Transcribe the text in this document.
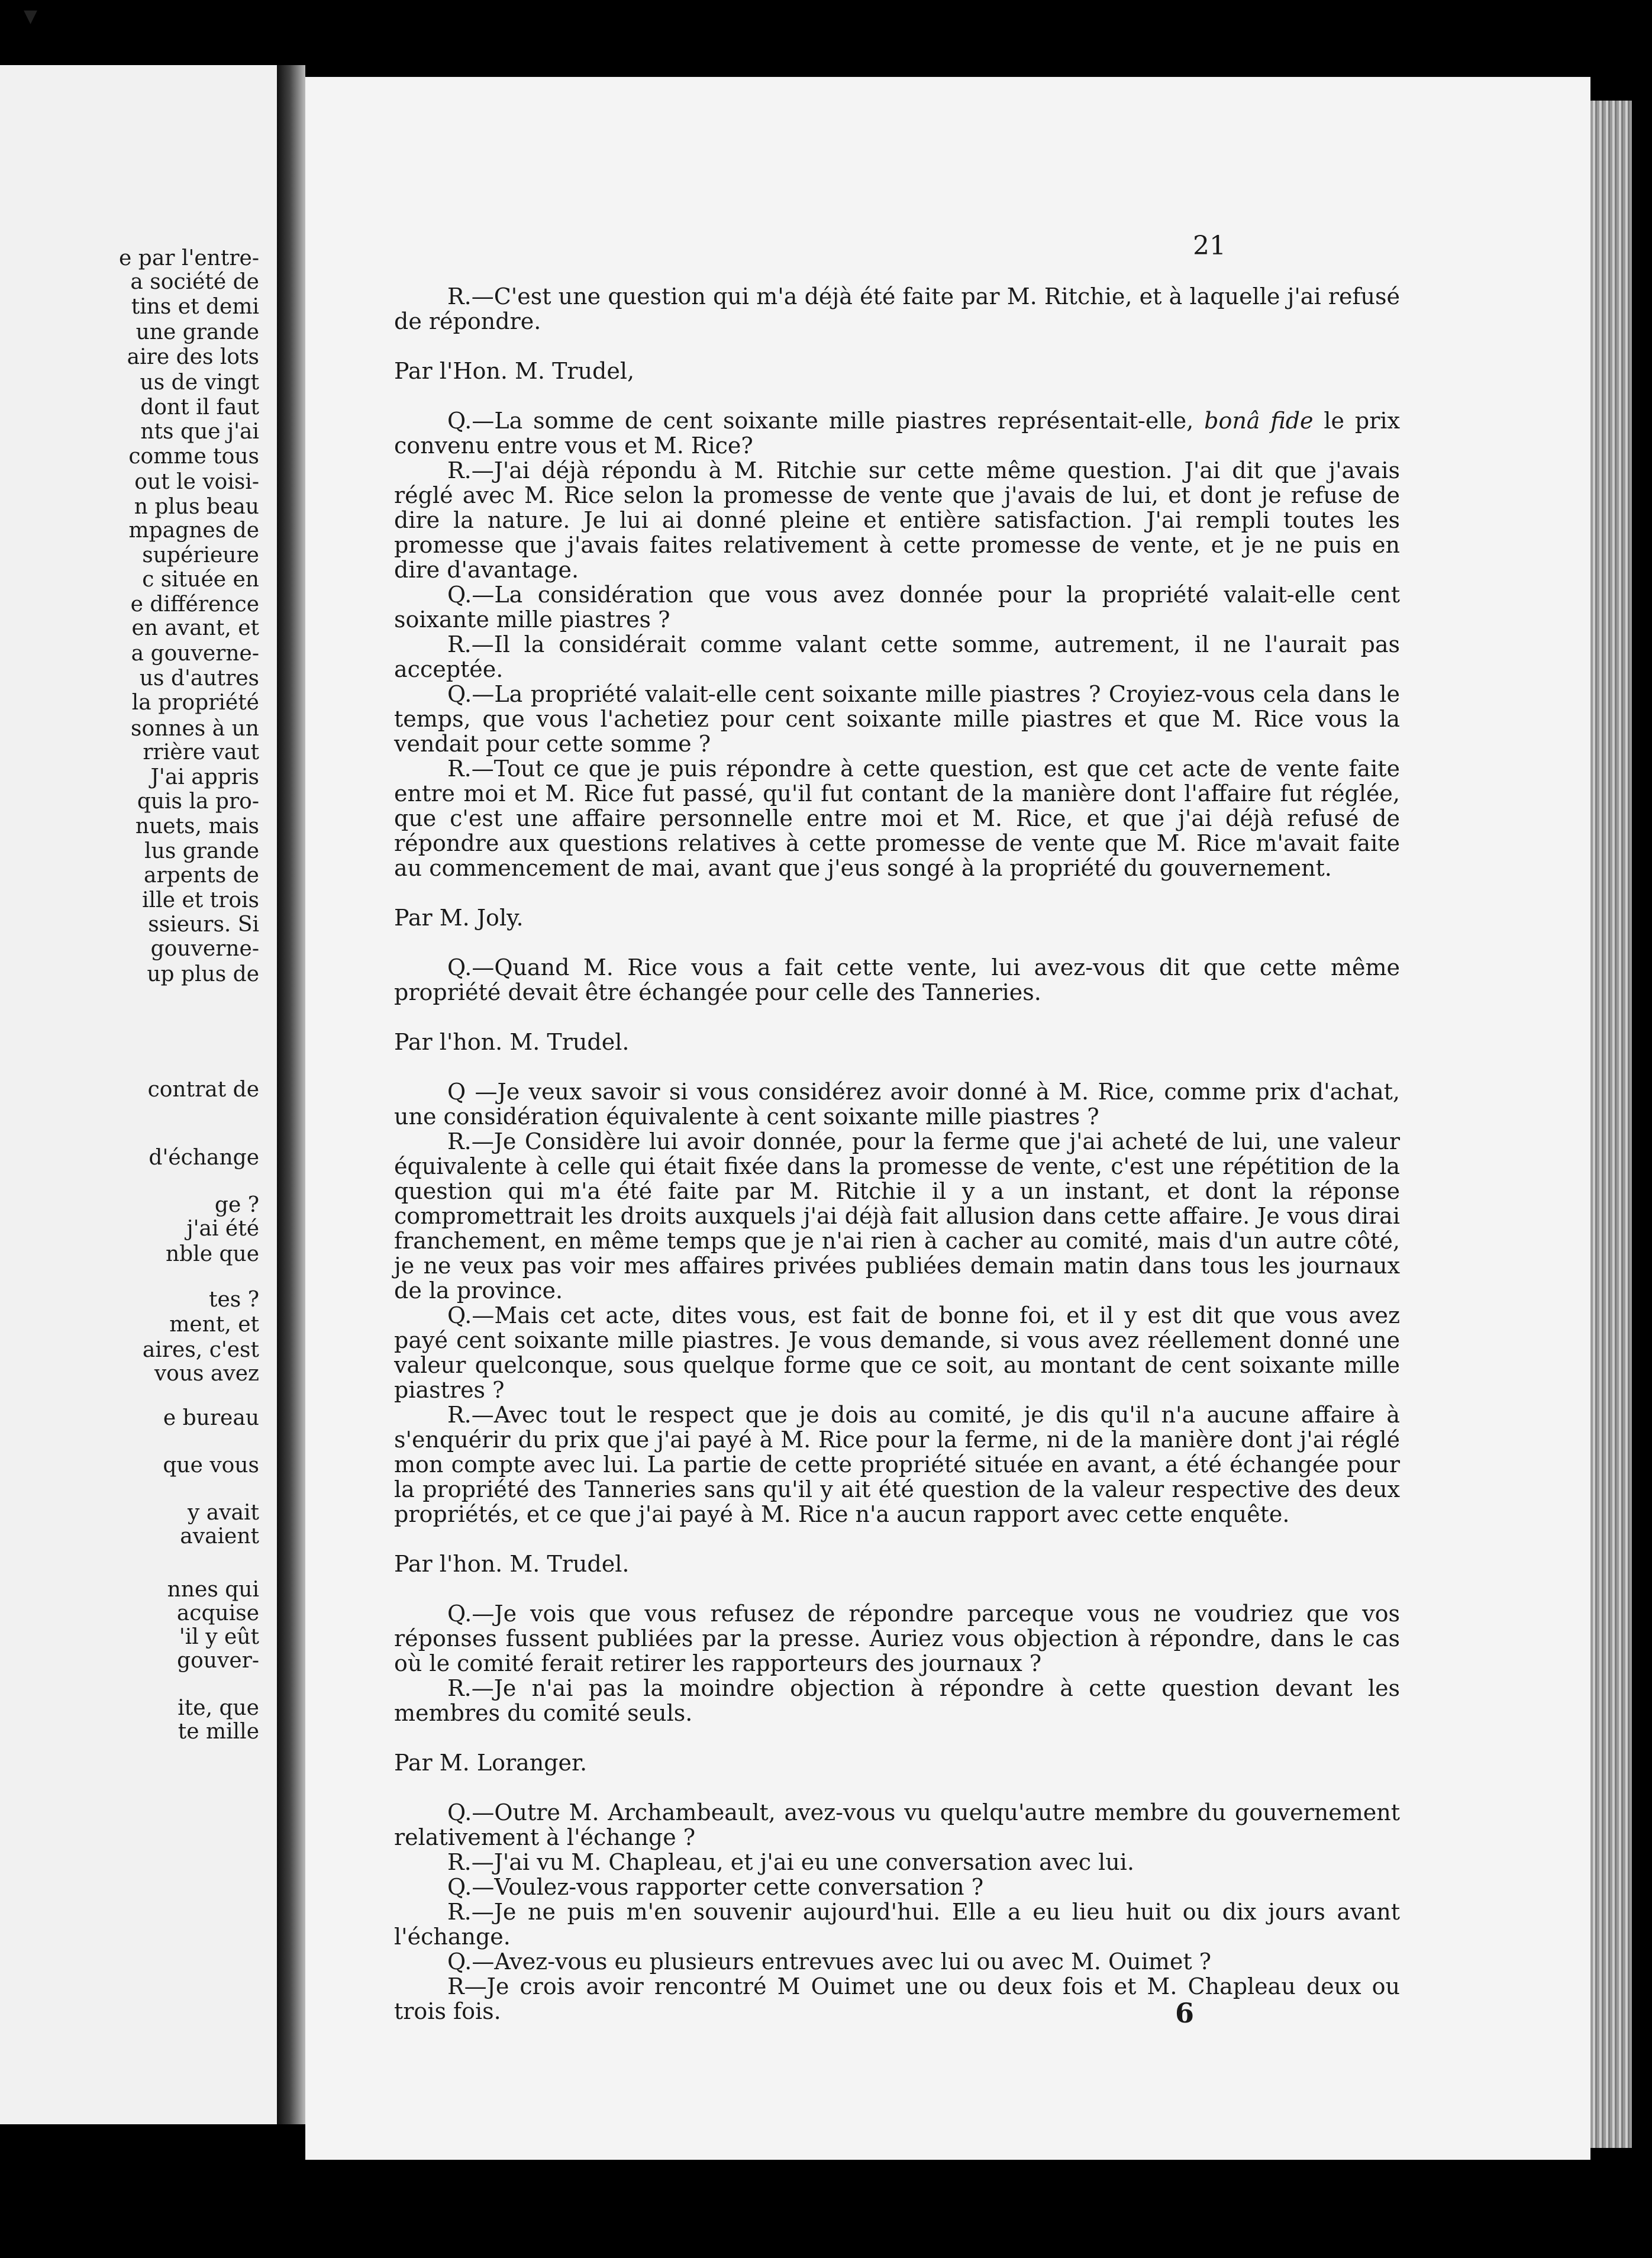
e par l'entre-
a société de
tins et demi
une grande
aire des lots
us de vingt
dont il faut
nts que j'ai
comme tous
out le voisi-
n plus beau
mpagnes de
supérieure
c située en
e différence
en avant, et
a gouverne-
us d'autres
la propriété
sonnes à un
rrière vaut
J'ai appris
quis la pro-
nuets, mais
lus grande
arpents de
ille et trois
ssieurs. Si
gouverne-
up plus de
contrat de
d'échange
ge ?
j'ai été
nble que
tes ?
ment, et
aires, c'est
vous avez
e bureau
que vous
y avait
avaient
nnes qui
acquise
'il y eût
gouver-
ite, que
te mille
21

R.—C'est une question qui m'a déjà été faite par M. Ritchie, et à laquelle j'ai refusé de répondre.

Par l'Hon. M. Trudel,

Q.—La somme de cent soixante mille piastres représentait-elle, bonâ fide le prix convenu entre vous et M. Rice?

R.—J'ai déjà répondu à M. Ritchie sur cette même question. J'ai dit que j'avais réglé avec M. Rice selon la promesse de vente que j'avais de lui, et dont je refuse de dire la nature. Je lui ai donné pleine et entière satisfaction. J'ai rempli toutes les promesse que j'avais faites relativement à cette promesse de vente, et je ne puis en dire d'avantage.

Q.—La considération que vous avez donnée pour la propriété valait-elle cent soixante mille piastres ?

R.—Il la considérait comme valant cette somme, autrement, il ne l'aurait pas acceptée.

Q.—La propriété valait-elle cent soixante mille piastres ? Croyiez-vous cela dans le temps, que vous l'achetiez pour cent soixante mille piastres et que M. Rice vous la vendait pour cette somme ?

R.—Tout ce que je puis répondre à cette question, est que cet acte de vente faite entre moi et M. Rice fut passé, qu'il fut contant de la manière dont l'affaire fut réglée, que c'est une affaire personnelle entre moi et M. Rice, et que j'ai déjà refusé de répondre aux questions relatives à cette promesse de vente que M. Rice m'avait faite au commencement de mai, avant que j'eus songé à la propriété du gouvernement.

Par M. Joly.

Q.—Quand M. Rice vous a fait cette vente, lui avez-vous dit que cette même propriété devait être échangée pour celle des Tanneries.

Par l'hon. M. Trudel.

Q —Je veux savoir si vous considérez avoir donné à M. Rice, comme prix d'achat, une considération équivalente à cent soixante mille piastres ?

R.—Je Considère lui avoir donnée, pour la ferme que j'ai acheté de lui, une valeur équivalente à celle qui était fixée dans la promesse de vente, c'est une répétition de la question qui m'a été faite par M. Ritchie il y a un instant, et dont la réponse compromettrait les droits auxquels j'ai déjà fait allusion dans cette affaire. Je vous dirai franchement, en même temps que je n'ai rien à cacher au comité, mais d'un autre côté, je ne veux pas voir mes affaires privées publiées demain matin dans tous les journaux de la province.

Q.—Mais cet acte, dites vous, est fait de bonne foi, et il y est dit que vous avez payé cent soixante mille piastres. Je vous demande, si vous avez réellement donné une valeur quelconque, sous quelque forme que ce soit, au montant de cent soixante mille piastres ?

R.—Avec tout le respect que je dois au comité, je dis qu'il n'a aucune affaire à s'enquérir du prix que j'ai payé à M. Rice pour la ferme, ni de la manière dont j'ai réglé mon compte avec lui. La partie de cette propriété située en avant, a été échangée pour la propriété des Tanneries sans qu'il y ait été question de la valeur respective des deux propriétés, et ce que j'ai payé à M. Rice n'a aucun rapport avec cette enquête.

Par l'hon. M. Trudel.

Q.—Je vois que vous refusez de répondre parceque vous ne voudriez que vos réponses fussent publiées par la presse. Auriez vous objection à répondre, dans le cas où le comité ferait retirer les rapporteurs des journaux ?

R.—Je n'ai pas la moindre objection à répondre à cette question devant les membres du comité seuls.

Par M. Loranger.

Q.—Outre M. Archambeault, avez-vous vu quelqu'autre membre du gouvernement relativement à l'échange ?

R.—J'ai vu M. Chapleau, et j'ai eu une conversation avec lui.

Q.—Voulez-vous rapporter cette conversation ?

R.—Je ne puis m'en souvenir aujourd'hui. Elle a eu lieu huit ou dix jours avant l'échange.

Q.—Avez-vous eu plusieurs entrevues avec lui ou avec M. Ouimet ?

R—Je crois avoir rencontré M Ouimet une ou deux fois et M. Chapleau deux ou trois fois.	6
▼
